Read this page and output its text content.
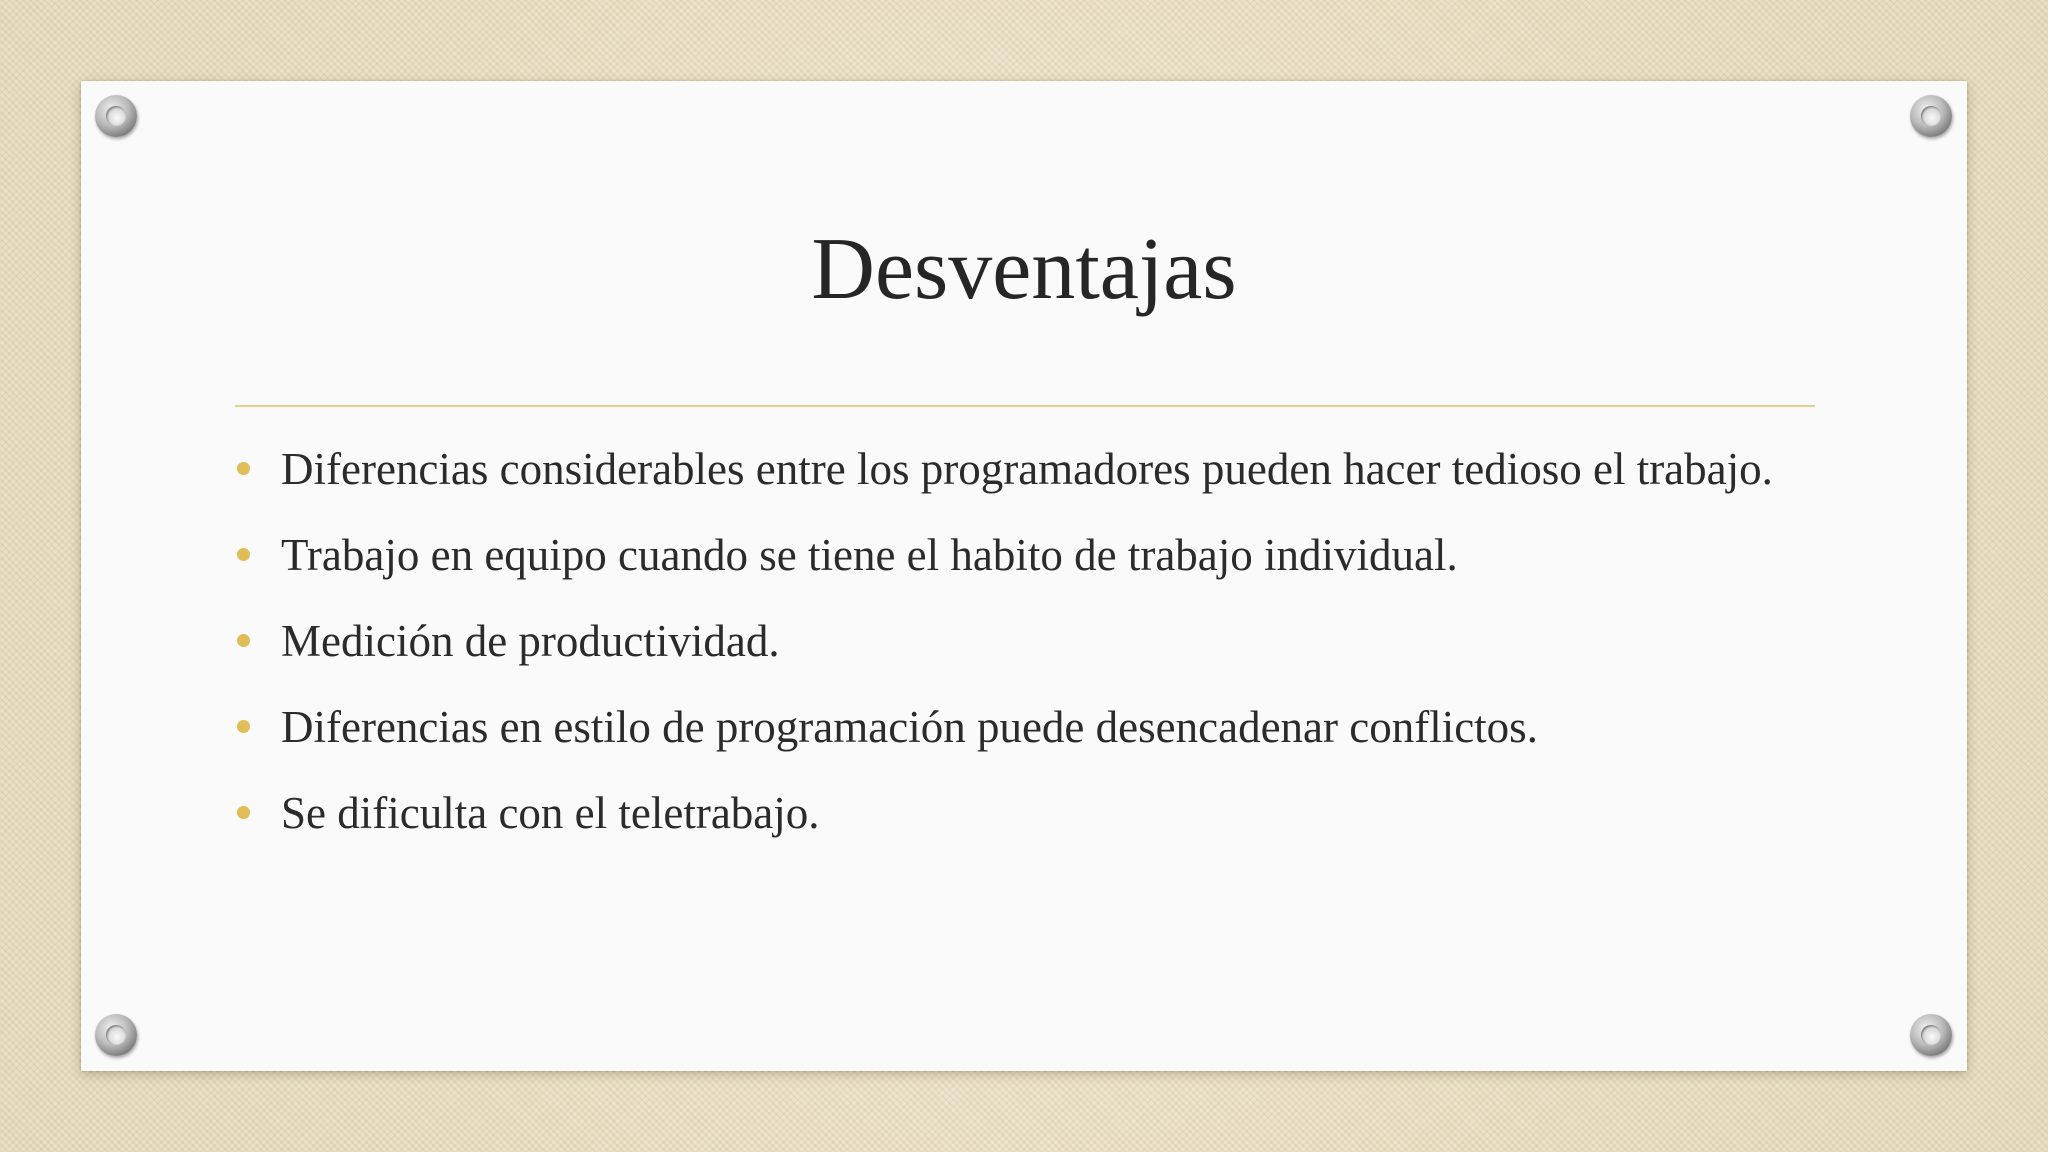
Desventajas
Diferencias considerables entre los programadores pueden hacer tedioso el trabajo.
Trabajo en equipo cuando se tiene el habito de trabajo individual.
Medición de productividad.
Diferencias en estilo de programación puede desencadenar conflictos.
Se dificulta con el teletrabajo.
